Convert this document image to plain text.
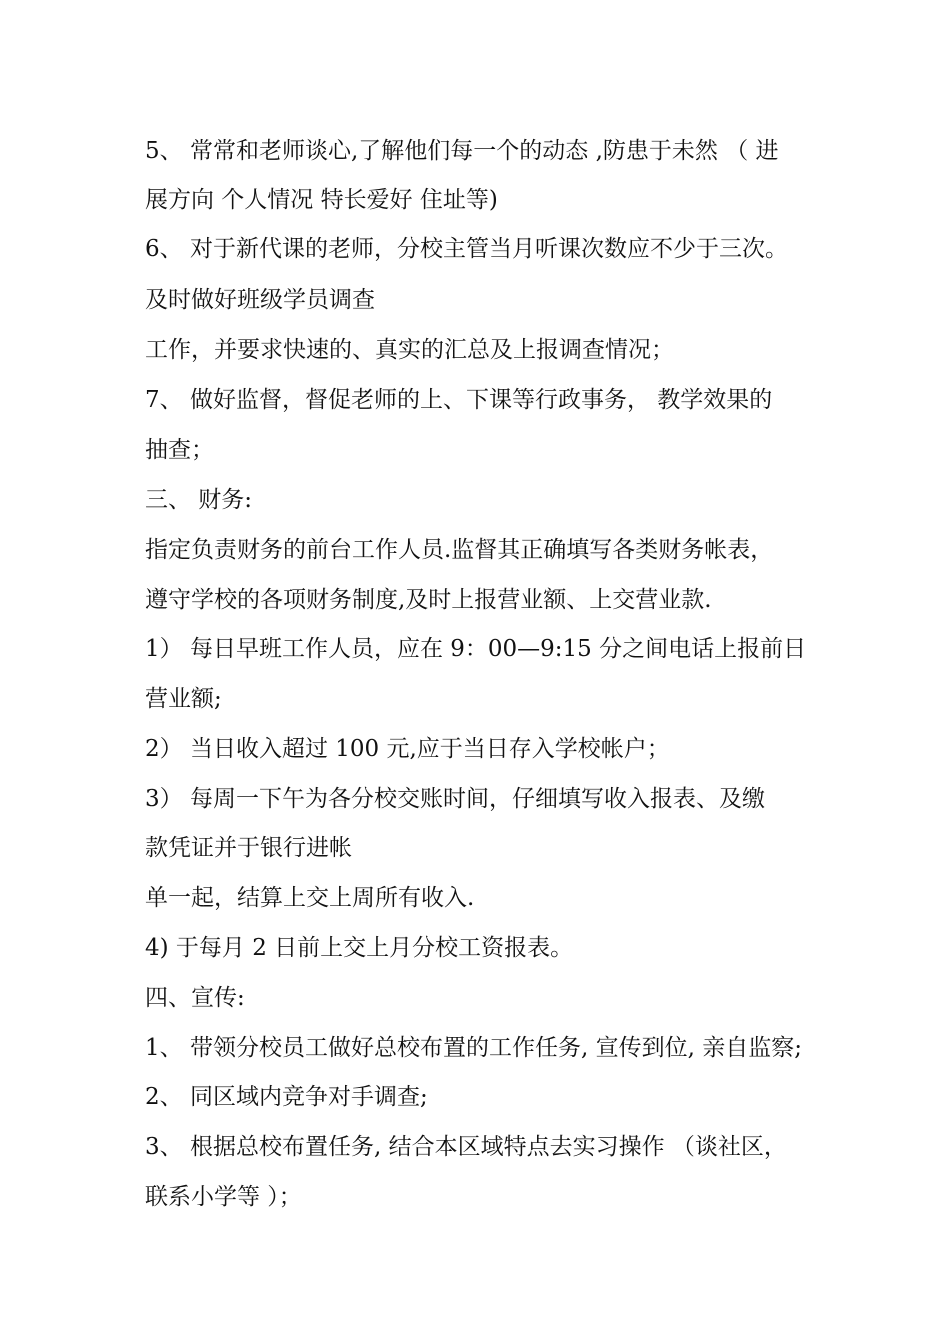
5、 常常和老师谈心,了解他们每一个的动态 ,防患于未然 （ 进
展方向 个人情况 特长爱好 住址等)
6、 对于新代课的老师，分校主管当月听课次数应不少于三次。
及时做好班级学员调查
工作，并要求快速的、真实的汇总及上报调查情况；
7、 做好监督，督促老师的上、下课等行政事务， 教学效果的
抽查；
三、 财务:
指定负责财务的前台工作人员.监督其正确填写各类财务帐表，
遵守学校的各项财务制度,及时上报营业额、上交营业款.
1） 每日早班工作人员，应在 9：00—9:15 分之间电话上报前日
营业额;
2） 当日收入超过 100 元,应于当日存入学校帐户；
3） 每周一下午为各分校交账时间，仔细填写收入报表、及缴
款凭证并于银行进帐
单一起，结算上交上周所有收入.
4) 于每月 2 日前上交上月分校工资报表。
四、宣传:
1、 带领分校员工做好总校布置的工作任务, 宣传到位, 亲自监察;
2、 同区域内竞争对手调查;
3、 根据总校布置任务, 结合本区域特点去实习操作 （谈社区，
联系小学等 ）；
